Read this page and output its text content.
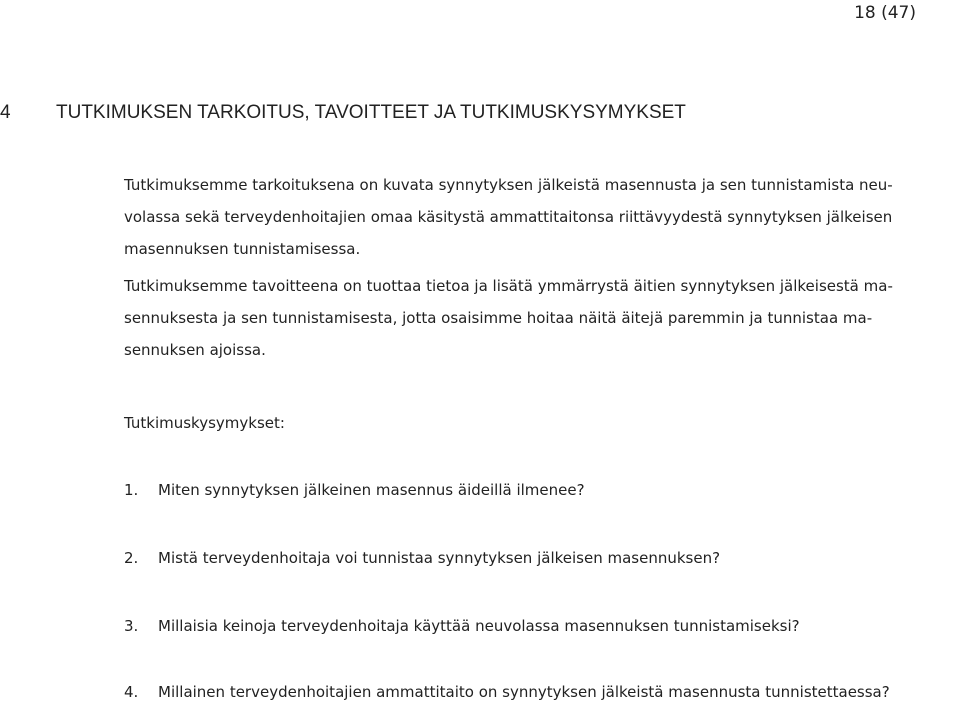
18 (47)
4 TUTKIMUKSEN TARKOITUS, TAVOITTEET JA TUTKIMUSKYSYMYKSET
Tutkimuksemme tarkoituksena on kuvata synnytyksen jälkeistä masennusta ja sen tunnistamista neu-
volassa sekä terveydenhoitajien omaa käsitystä ammattitaitonsa riittävyydestä synnytyksen jälkeisen
masennuksen tunnistamisessa.
Tutkimuksemme tavoitteena on tuottaa tietoa ja lisätä ymmärrystä äitien synnytyksen jälkeisestä ma-
sennuksesta ja sen tunnistamisesta, jotta osaisimme hoitaa näitä äitejä paremmin ja tunnistaa ma-
sennuksen ajoissa.
Tutkimuskysymykset:
1. Miten synnytyksen jälkeinen masennus äideillä ilmenee?
2. Mistä terveydenhoitaja voi tunnistaa synnytyksen jälkeisen masennuksen?
3. Millaisia keinoja terveydenhoitaja käyttää neuvolassa masennuksen tunnistamiseksi?
4. Millainen terveydenhoitajien ammattitaito on synnytyksen jälkeistä masennusta tunnistettaessa?
